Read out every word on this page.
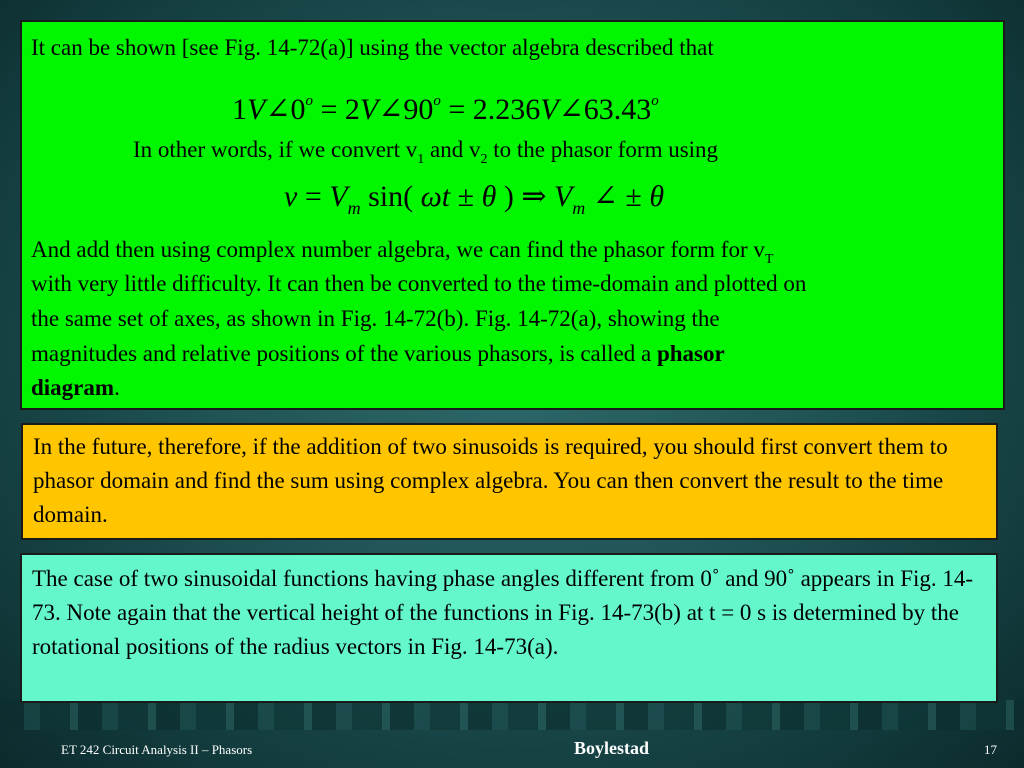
It can be shown [see Fig. 14-72(a)] using the vector algebra described that
$1V\angle 0^o$ = $2V\angle 90^o$ = $2.236V\angle 63.43^o$
In other words, if we convert $v_1$ and $v_2$ to the phasor form using
$v = V_m$ sin( ωt ± θ ) ⇒ $V_m$ ∠ ± θ
And add then using complex number algebra, we can find the phasor form for $v_T$
with very little difficulty. It can then be converted to the time-domain and plotted on
the same set of axes, as shown in Fig. 14-72(b). Fig. 14-72(a), showing the
magnitudes and relative positions of the various phasors, is called a phasor
diagram.

In the future, therefore, if the addition of two sinusoids is required, you should first convert them to phasor domain and find the sum using complex algebra. You can then convert the result to the time domain.

The case of two sinusoidal functions having phase angles different from 0˚ and 90˚ appears in Fig. 14-73. Note again that the vertical height of the functions in Fig. 14-73(b) at t = 0 s is determined by the rotational positions of the radius vectors in Fig. 14-73(a).

ET 242 Circuit Analysis II – Phasors	Boylestad	17
